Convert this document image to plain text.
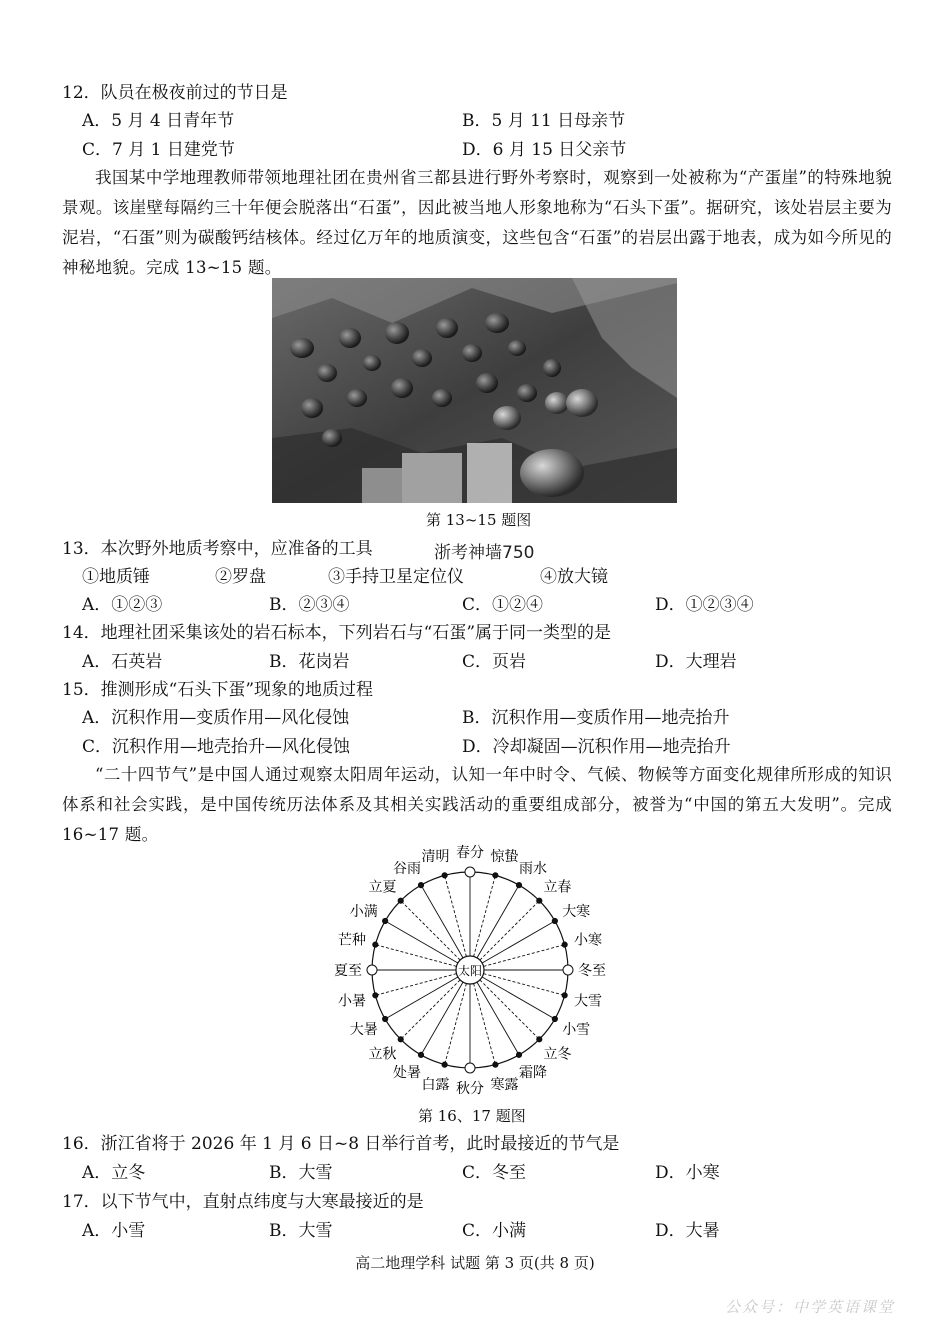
12．队员在极夜前过的节日是
A．5 月 4 日青年节	B．5 月 11 日母亲节
C．7 月 1 日建党节	D．6 月 15 日父亲节
我国某中学地理教师带领地理社团在贵州省三都县进行野外考察时，观察到一处被称为“产蛋崖”的特殊地貌景观。该崖壁每隔约三十年便会脱落出“石蛋”，因此被当地人形象地称为“石头下蛋”。据研究，该处岩层主要为泥岩，“石蛋”则为碳酸钙结核体。经过亿万年的地质演变，这些包含“石蛋”的岩层出露于地表，成为如今所见的神秘地貌。完成 13~15 题。
第 13~15 题图
13．本次野外地质考察中，应准备的工具	浙考神墙750
①地质锤	②罗盘	③手持卫星定位仪	④放大镜
A．①②③	B．②③④	C．①②④	D．①②③④
14．地理社团采集该处的岩石标本，下列岩石与“石蛋”属于同一类型的是
A．石英岩	B．花岗岩	C．页岩	D．大理岩
15．推测形成“石头下蛋”现象的地质过程
A．沉积作用—变质作用—风化侵蚀	B．沉积作用—变质作用—地壳抬升
C．沉积作用—地壳抬升—风化侵蚀	D．冷却凝固—沉积作用—地壳抬升
“二十四节气”是中国人通过观察太阳周年运动，认知一年中时令、气候、物候等方面变化规律所形成的知识体系和社会实践，是中国传统历法体系及其相关实践活动的重要组成部分，被誉为“中国的第五大发明”。完成 16~17 题。
太阳
春分 惊蛰
雨水
立春
大寒
小寒
冬至
大雪
小雪
立冬
霜降
寒露
秋分
白露
处暑
立秋
大暑
小暑
夏至
芒种
小满
立夏
谷雨
清明
第 16、17 题图
16．浙江省将于 2026 年 1 月 6 日~8 日举行首考，此时最接近的节气是
A．立冬	B．大雪	C．冬至	D．小寒
17．以下节气中，直射点纬度与大寒最接近的是
A．小雪	B．大雪	C．小满	D．大暑
高二地理学科 试题 第 3 页(共 8 页)
公众号：中学英语课堂
